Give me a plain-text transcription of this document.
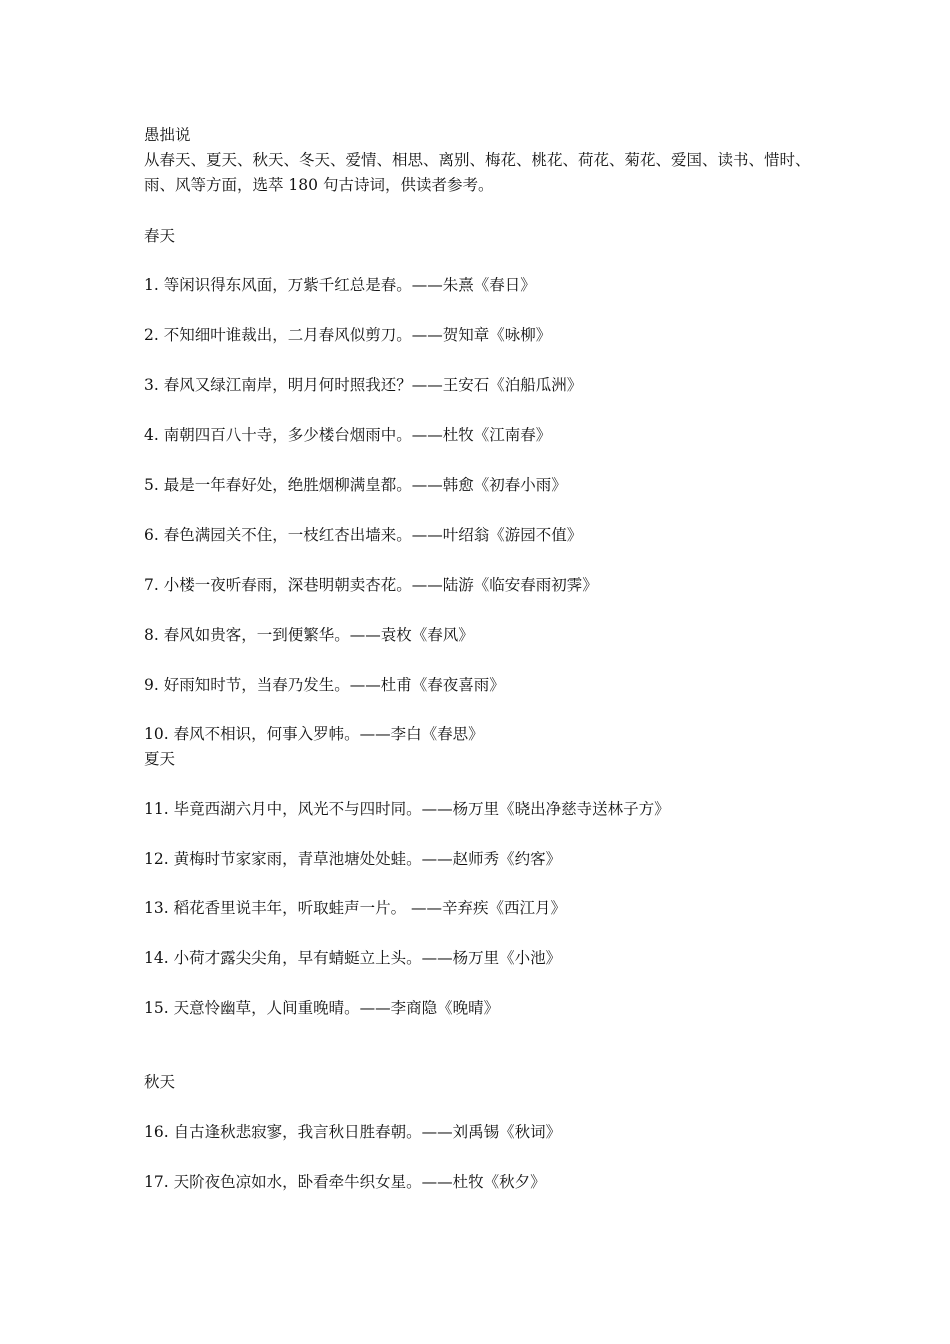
愚拙说
从春天、夏天、秋天、冬天、爱情、相思、离别、梅花、桃花、荷花、菊花、爱国、读书、惜时、雨、风等方面，选萃 180 句古诗词，供读者参考。
春天
1. 等闲识得东风面，万紫千红总是春。——朱熹《春日》
2. 不知细叶谁裁出，二月春风似剪刀。——贺知章《咏柳》
3. 春风又绿江南岸，明月何时照我还？——王安石《泊船瓜洲》
4. 南朝四百八十寺，多少楼台烟雨中。——杜牧《江南春》
5. 最是一年春好处，绝胜烟柳满皇都。——韩愈《初春小雨》
6. 春色满园关不住，一枝红杏出墙来。——叶绍翁《游园不值》
7. 小楼一夜听春雨，深巷明朝卖杏花。——陆游《临安春雨初霁》
8. 春风如贵客，一到便繁华。——袁枚《春风》
9. 好雨知时节，当春乃发生。——杜甫《春夜喜雨》
10. 春风不相识，何事入罗帏。——李白《春思》
夏天
11. 毕竟西湖六月中，风光不与四时同。——杨万里《晓出净慈寺送林子方》
12. 黄梅时节家家雨，青草池塘处处蛙。——赵师秀《约客》
13. 稻花香里说丰年，听取蛙声一片。 ——辛弃疾《西江月》
14. 小荷才露尖尖角，早有蜻蜓立上头。——杨万里《小池》
15. 天意怜幽草，人间重晚晴。——李商隐《晚晴》
秋天
16. 自古逢秋悲寂寥，我言秋日胜春朝。——刘禹锡《秋词》
17. 天阶夜色凉如水，卧看牵牛织女星。——杜牧《秋夕》
